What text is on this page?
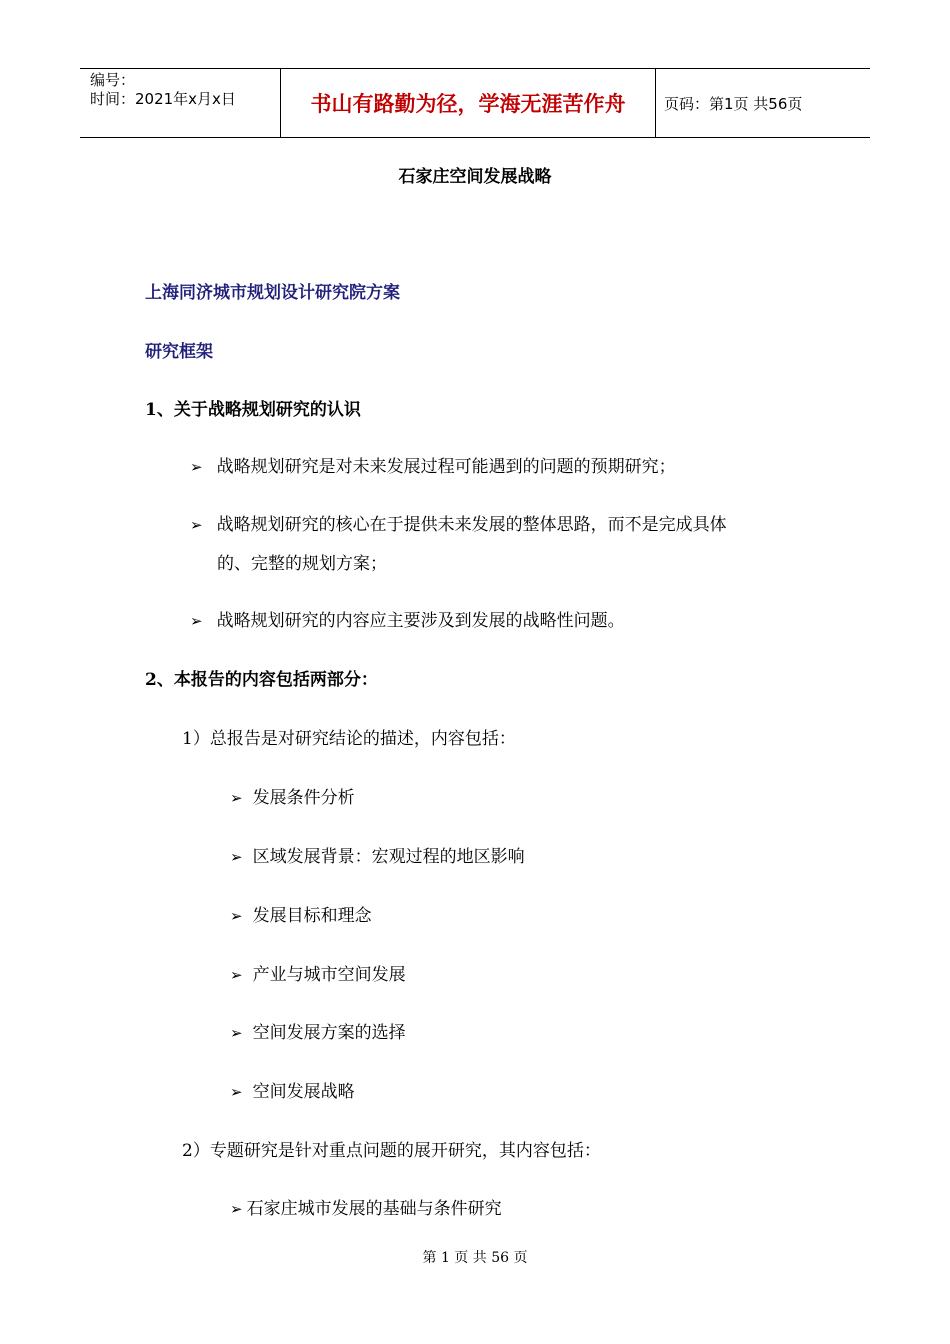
编号：
时间：2021年x月x日	书山有路勤为径，学海无涯苦作舟	页码：第1页 共56页
石家庄空间发展战略
上海同济城市规划设计研究院方案
研究框架
1、关于战略规划研究的认识
➢ 战略规划研究是对未来发展过程可能遇到的问题的预期研究；
➢ 战略规划研究的核心在于提供未来发展的整体思路，而不是完成具体
的、完整的规划方案；
➢ 战略规划研究的内容应主要涉及到发展的战略性问题。
2、本报告的内容包括两部分：
1）总报告是对研究结论的描述，内容包括：
➢ 发展条件分析
➢ 区域发展背景：宏观过程的地区影响
➢ 发展目标和理念
➢ 产业与城市空间发展
➢ 空间发展方案的选择
➢ 空间发展战略
2）专题研究是针对重点问题的展开研究，其内容包括：
➢ 石家庄城市发展的基础与条件研究
第 1 页 共 56 页
